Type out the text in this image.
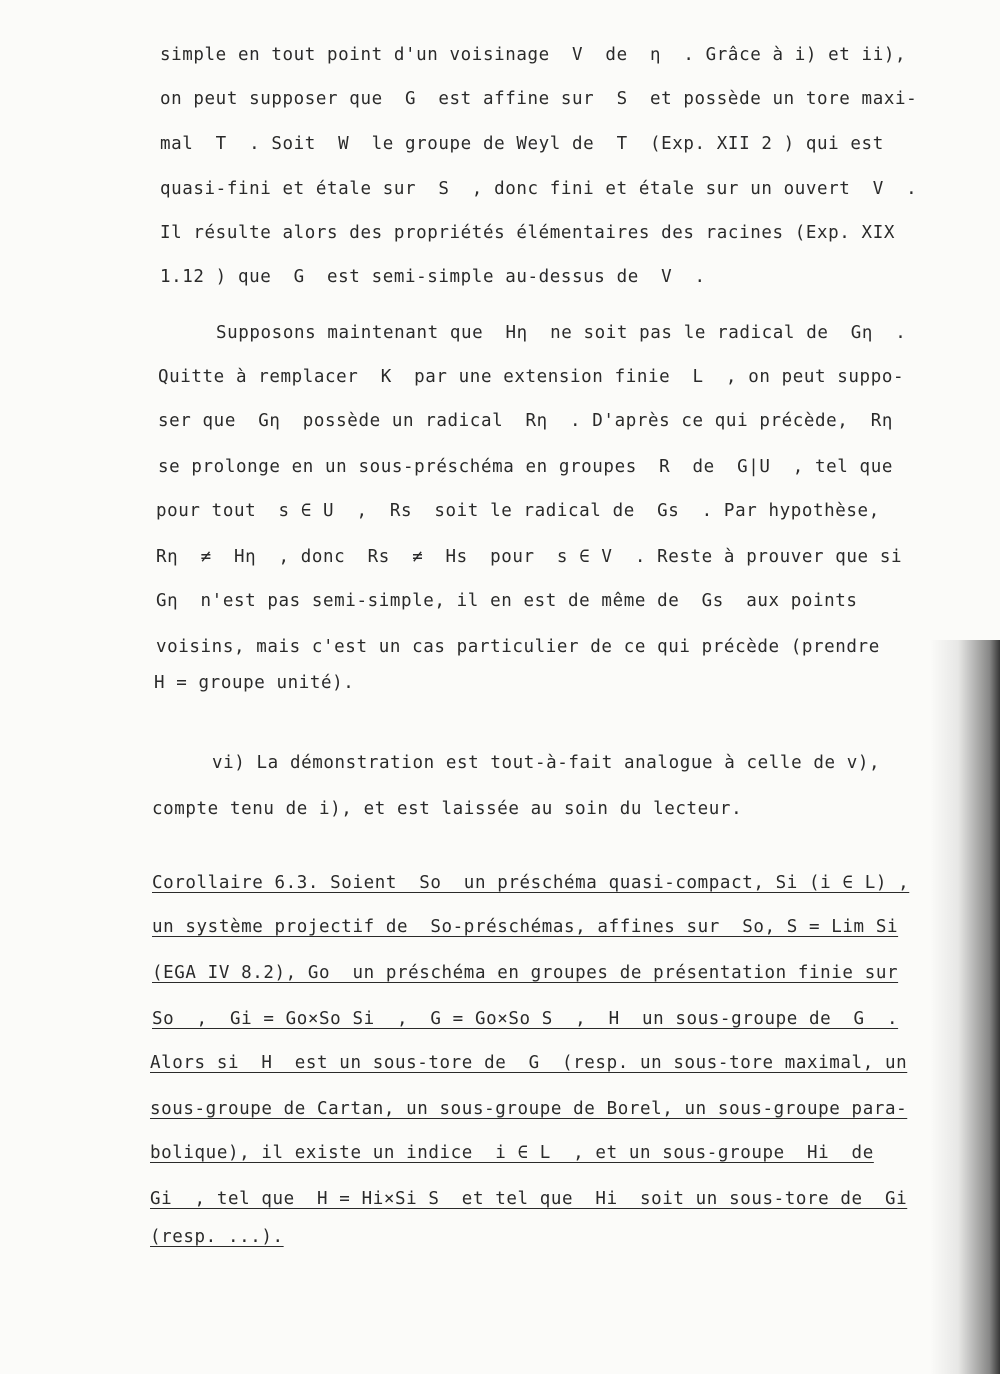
simple en tout point d'un voisinage  V  de  η  . Grâce à i) et ii),
on peut supposer que  G  est affine sur  S  et possède un tore maxi-
mal  T  . Soit  W  le groupe de Weyl de  T  (Exp. XII 2 ) qui est
quasi-fini et étale sur  S  , donc fini et étale sur un ouvert  V  .
Il résulte alors des propriétés élémentaires des racines (Exp. XIX
1.12 ) que  G  est semi-simple au-dessus de  V  .
Supposons maintenant que  Hη  ne soit pas le radical de  Gη  .
Quitte à remplacer  K  par une extension finie  L  , on peut suppo-
ser que  Gη  possède un radical  Rη  . D'après ce qui précède,  Rη
se prolonge en un sous-préschéma en groupes  R  de  G|U  , tel que
pour tout  s ∈ U  ,  Rs  soit le radical de  Gs  . Par hypothèse,
Rη  ≠  Hη  , donc  Rs  ≠  Hs  pour  s ∈ V  . Reste à prouver que si
Gη  n'est pas semi-simple, il en est de même de  Gs  aux points
voisins, mais c'est un cas particulier de ce qui précède (prendre
H = groupe unité).
vi) La démonstration est tout-à-fait analogue à celle de v),
compte tenu de i), et est laissée au soin du lecteur.
Corollaire 6.3. Soient  So  un préschéma quasi-compact, Si (i ∈ L) ,
un système projectif de  So-préschémas, affines sur  So, S = Lim Si
(EGA IV 8.2), Go  un préschéma en groupes de présentation finie sur
So  ,  Gi = Go×So Si  ,  G = Go×So S  ,  H  un sous-groupe de  G  .
Alors si  H  est un sous-tore de  G  (resp. un sous-tore maximal, un
sous-groupe de Cartan, un sous-groupe de Borel, un sous-groupe para-
bolique), il existe un indice  i ∈ L  , et un sous-groupe  Hi  de
Gi  , tel que  H = Hi×Si S  et tel que  Hi  soit un sous-tore de  Gi
(resp. ...).
